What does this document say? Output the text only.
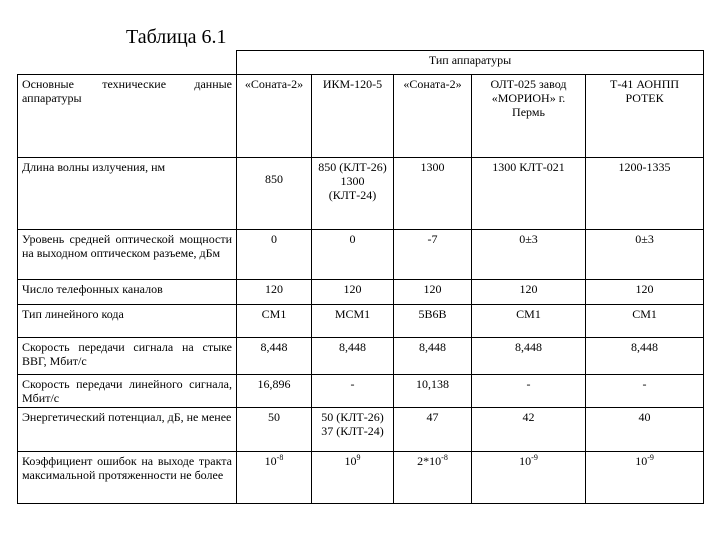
Таблица 6.1
	Тип аппаратуры				
Основные технические данные аппаратуры	«Соната-2»	ИКМ-120-5	«Соната-2»	ОЛТ-025 завод «МОРИОН» г. Пермь	Т-41 АОНПП РОТЕК
Длина волны излучения, нм	850	850 (КЛТ-26) 1300 (КЛТ-24)	1300	1300 КЛТ-021	1200-1335
Уровень средней оптической мощности на выходном оптическом разъеме, дБм	0	0	-7	0±3	0±3
Число телефонных каналов	120	120	120	120	120
Тип линейного кода	CM1	MCM1	5B6B	CM1	CM1
Скорость передачи сигнала на стыке ВВГ, Мбит/с	8,448	8,448	8,448	8,448	8,448
Скорость передачи линейного сигнала, Мбит/с	16,896	-	10,138	-	-
Энергетический потенциал, дБ, не менее	50	50 (КЛТ-26) 37 (КЛТ-24)	47	42	40
Коэффициент ошибок на выходе тракта максимальной протяженности не более	$10^{-8}$	$10^9$	$2*10^{-8}$	$10^{-9}$	$10^{-9}$
